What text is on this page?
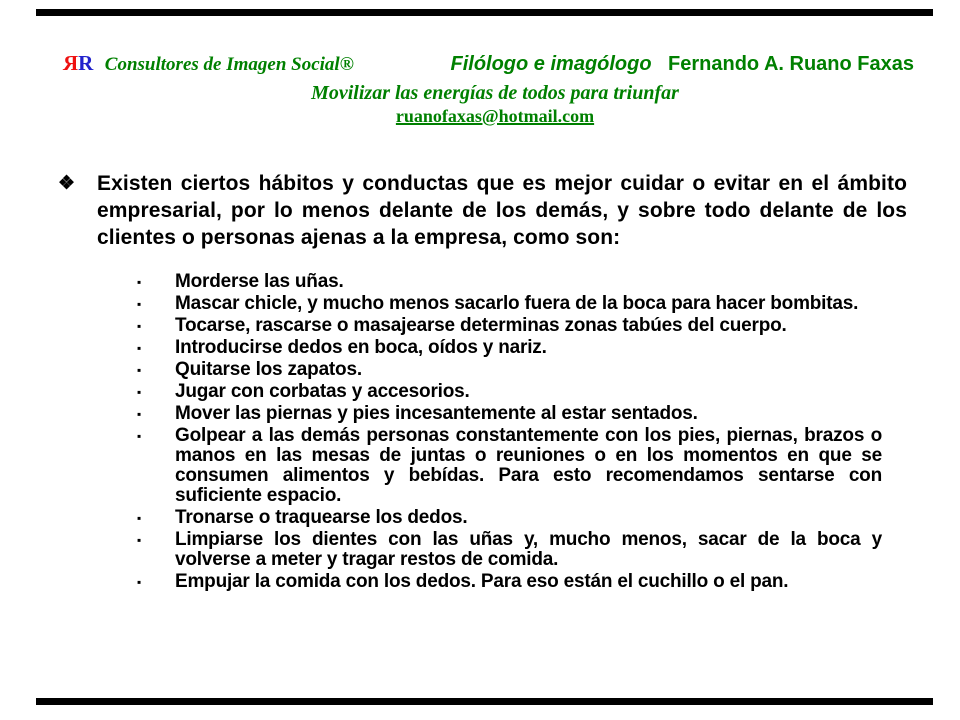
RR Consultores de Imagen Social®	Filólogo e imagólogo Fernando A. Ruano Faxas
Movilizar las energías de todos para triunfar
ruanofaxas@hotmail.com
❖ Existen ciertos hábitos y conductas que es mejor cuidar o evitar en el ámbito empresarial, por lo menos delante de los demás, y sobre todo delante de los clientes o personas ajenas a la empresa, como son:
▪	Morderse las uñas.
▪	Mascar chicle, y mucho menos sacarlo fuera de la boca para hacer bombitas.
▪	Tocarse, rascarse o masajearse determinas zonas tabúes del cuerpo.
▪	Introducirse dedos en boca, oídos y nariz.
▪	Quitarse los zapatos.
▪	Jugar con corbatas y accesorios.
▪	Mover las piernas y pies incesantemente al estar sentados.
▪	Golpear a las demás personas constantemente con los pies, piernas, brazos o manos en las mesas de juntas o reuniones o en los momentos en que se consumen alimentos y bebídas. Para esto recomendamos sentarse con suficiente espacio.
▪	Tronarse o traquearse los dedos.
▪	Limpiarse los dientes con las uñas y, mucho menos, sacar de la boca y volverse a meter y tragar restos de comida.
▪	Empujar la comida con los dedos. Para eso están el cuchillo o el pan.
